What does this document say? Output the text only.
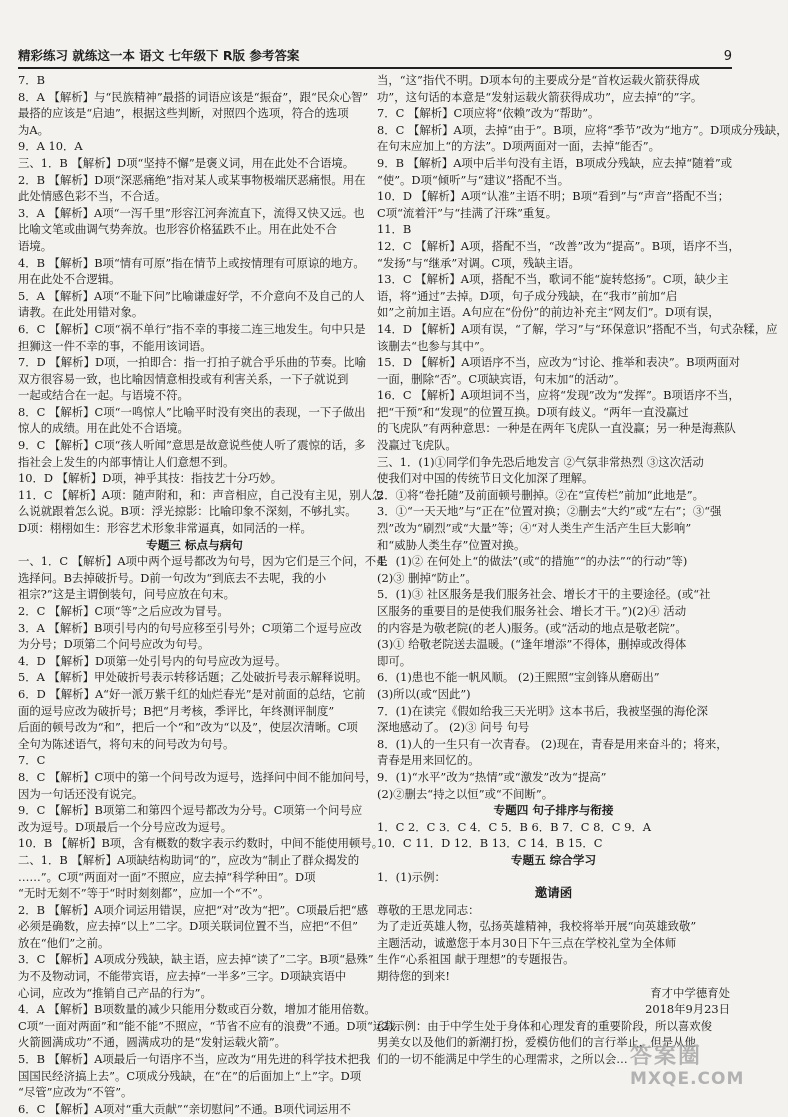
精彩练习 就练这一本 语文 七年级下 R版 参考答案	9
7．B
8．A 【解析】与“民族精神”最搭的词语应该是“振奋”，跟“民众心智”
最搭的应该是“启迪”，根据这些判断，对照四个选项，符合的选项
为A。
9．A 10．A
三、1．B 【解析】D项“坚持不懈”是褒义词，用在此处不合语境。
2．B 【解析】D项“深恶痛绝”指对某人或某事物极端厌恶痛恨。用在
此处情感色彩不当，不合适。
3．A 【解析】A项“一泻千里”形容江河奔流直下，流得又快又远。也
比喻文笔或曲调气势奔放。也形容价格猛跌不止。用在此处不合
语境。
4．B 【解析】B项“情有可原”指在情节上或按情理有可原谅的地方。
用在此处不合逻辑。
5．A 【解析】A项“不耻下问”比喻谦虚好学，不介意向不及自己的人
请教。在此处用错对象。
6．C 【解析】C项“祸不单行”指不幸的事接二连三地发生。句中只是
担狮这一件不幸的事，不能用该词语。
7．D 【解析】D项，一拍即合：指一打拍子就合乎乐曲的节奏。比喻
双方很容易一致，也比喻因情意相投或有利害关系，一下子就说到
一起或结合在一起。与语境不符。
8．C 【解析】C项“一鸣惊人”比喻平时没有突出的表现，一下子做出
惊人的成绩。用在此处不合语境。
9．C 【解析】C项“孩人听闻”意思是故意说些使人听了震惊的话，多
指社会上发生的内部事情让人们意想不到。
10．D 【解析】D项，神乎其技：指技艺十分巧妙。
11．C 【解析】A项：随声附和，和：声音相应，自己没有主见，别人怎
么说就跟着怎么说。B项：浮光掠影：比喻印象不深刻，不够扎实。
D项：栩栩如生：形容艺术形象非常逼真，如同活的一样。
专题三 标点与病句
一、1．C 【解析】A项中两个逗号都改为句号，因为它们是三个问，不是
选择问。B去掉破折号。D前一句改为“到底去不去呢，我的小
祖宗?”这是主谓倒装句，问号应放在句末。
2．C 【解析】C项“等”之后应改为冒号。
3．A 【解析】B项引号内的句号应移至引号外；C项第二个逗号应改
为分号；D项第二个问号应改为句号。
4．D 【解析】D项第一处引号内的句号应改为逗号。
5．A 【解析】甲处破折号表示转移话题；乙处破折号表示解释说明。
6．D 【解析】A“好一派万紫千红的灿烂春光”是对前面的总结，它前
面的逗号应改为破折号；B把“月考核，季评比，年终测评制度”
后面的顿号改为“和”，把后一个“和”改为“以及”，使层次清晰。C项
全句为陈述语气，将句末的问号改为句号。
7．C
8．C 【解析】C项中的第一个问号改为逗号，选择问中间不能加问号，
因为一句话还没有说完。
9．C 【解析】B项第二和第四个逗号都改为分号。C项第一个问号应
改为逗号。D项最后一个分号应改为逗号。
10．B 【解析】B项，含有概数的数字表示约数时，中间不能使用顿号。
二、1．B 【解析】A项缺结构助词“的”，应改为“制止了群众揭发的
……”。C项“两面对一面”不照应，应去掉“科学种田”。D项
“无时无刻不”等于“时时刻刻都”，应加一个“不”。
2．B 【解析】A项介词运用错误，应把“对”改为“把”。C项最后把“感
必须是确数，应去掉“以上”二字。D项关联词位置不当，应把“不但”
放在“他们”之前。
3．C 【解析】A项成分残缺，缺主语，应去掉“读了”二字。B项“悬殊”
为不及物动词，不能带宾语，应去掉“一半多”三字。D项缺宾语中
心词，应改为“推销自己产品的行为”。
4．A 【解析】B项数量的减少只能用分数或百分数，增加才能用倍数。
C项“一面对两面”和“能不能”不照应，“节省不应有的浪费”不通。D项“运载
火箭圆满成功”不通，圆满成功的是“发射运载火箭”。
5．B 【解析】A项最后一句语序不当，应改为“用先进的科学技术把我
国国民经济搞上去”。C项成分残缺，在“在”的后面加上“上”字。D项
“尽管”应改为“不管”。
6．C 【解析】A项对“重大贡献”“亲切慰问”不通。B项代词运用不
当，“这”指代不明。D项本句的主要成分是“首枚运载火箭获得成
功”，这句话的本意是“发射运载火箭获得成功”，应去掉“的”字。
7．C 【解析】C项应将“依赖”改为“帮助”。
8．C 【解析】A项，去掉“由于”。B项，应将“季节”改为“地方”。D项成分残缺，
在句末应加上“的方法”。D项两面对一面，去掉“能否”。
9．B 【解析】A项中后半句没有主语，B项成分残缺，应去掉“随着”或
“使”。D项“倾听”与“建议”搭配不当。
10．D 【解析】A项“认准”主语不明；B项“看到”与“声音”搭配不当；
C项“流着汗”与“挂满了汗珠”重复。
11．B
12．C 【解析】A项，搭配不当，“改善”改为“提高”。B项，语序不当，
“发扬”与“继承”对调。C项，残缺主语。
13．C 【解析】A项，搭配不当，歌词不能“旋转悠扬”。C项，缺少主
语，将“通过”去掉。D项，句子成分残缺，在“我市”前加“启
如”之前加主语。A句应在“份份”的前边补充主“网友们”。D项有误，
14．D 【解析】A项有误，“了解，学习”与“环保意识”搭配不当，句式杂糅，应
该删去“也参与其中”。
15．D 【解析】A项语序不当，应改为“讨论、推举和表决”。B项两面对
一面，删除“否”。C项缺宾语，句末加“的活动”。
16．C 【解析】A项坦词不当，应将“发现”改为“发挥”。B项语序不当，
把“干预”和“发现”的位置互换。D项有歧义。“两年一直没赢过
的飞虎队”有两种意思：一种是在两年飞虎队一直没赢；另一种是海燕队
没赢过飞虎队。
三、1．(1)①同学们争先恐后地发言 ②气氛非常热烈 ③这次活动
使我们对中国的传统节日文化加深了理解。
2．①将“卷托随”及前面顿号删掉。②在“宣传栏”前加“此地是”。
3．①“一天天地”与“正在”位置对换；②删去“大约”或“左右”；③“强
烈”改为“刷烈”或“大量”等；④“对人类生产生活产生巨大影响”
和“威胁人类生存”位置对换。
4．(1)② 在何处上“的做法”(或“的措施”“的办法”“的行动”等)
(2)③ 删掉“防止”。
5．(1)③ 社区服务是我们服务社会、增长才干的主要途径。(或“社
区服务的重要目的是使我们服务社会、增长才干。”)(2)④ 活动
的内容是为敬老院(的老人)服务。(或“活动的地点是敬老院”。
(3)① 给敬老院送去温暖。(“逢年增添”不得体，删掉或改得体
即可。
6．(1)患也不能一帆风顺。 (2)王熙照“宝剑锋从磨砺出”
(3)所以(或“因此”)
7．(1)在读完《假如给我三天光明》这本书后，我被坚强的海伦深
深地感动了。 (2)③ 问号 句号
8．(1)人的一生只有一次青春。 (2)现在，青春是用来奋斗的；将来，
青春是用来回忆的。
9．(1)“水平”改为“热情”或“激发”改为“提高”
(2)②删去“持之以恒”或“不间断”。
专题四 句子排序与衔接
1．C 2．C 3．C 4．C 5．B 6．B 7．C 8．C 9．A
10．C 11．D 12．B 13．C 14．B 15．C
专题五 综合学习
1．(1)示例：
邀请函
尊敬的王思龙同志：
为了走近英雄人物，弘扬英雄精神，我校将举开展“向英雄致敬”
主题活动，诚邀您于本月30日下午三点在学校礼堂为全体师
生作“心系祖国 献于理想”的专题报告。
期待您的到来!
育才中学德育处
2018年9月23日
(2)示例：由于中学生处于身体和心理发育的重要阶段，所以喜欢俊
男美女以及他们的新潮打扮，爱模仿他们的言行举止，但是从他
们的一切不能满足中学生的心理需求，之所以会… 答案圈
MXQE.COM
